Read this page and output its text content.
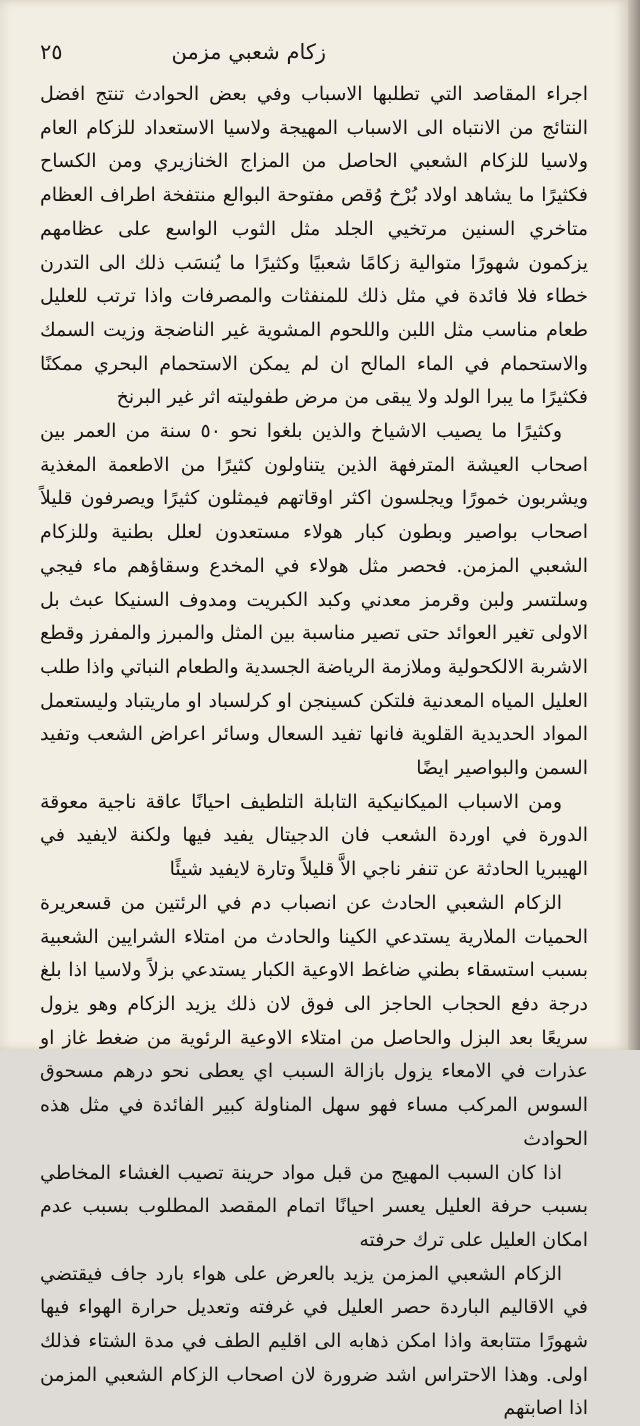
زكام شعبي مزمن
٢٥

اجراء المقاصد التي تطلبها الاسباب وفي بعض الحوادث تنتج افضل النتائج من الانتباه الى الاسباب المهيجة ولاسيا الاستعداد للزكام العام ولاسيا للزكام الشعبي الحاصل من المزاج الخنازيري ومن الكساح فكثيرًا ما يشاهد اولاد بُرْخ وُقص مفتوحة البوالع منتفخة اطراف العظام متاخري السنين مرتخيي الجلد مثل الثوب الواسع على عظامهم يزكمون شهورًا متوالية زكامًا شعبيًا وكثيرًا ما يُنسَب ذلك الى التدرن خطاء فلا فائدة في مثل ذلك للمنفثات والمصرفات واذا ترتب للعليل طعام مناسب مثل اللبن واللحوم المشوية غير الناضجة وزيت السمك والاستحمام في الماء المالح ان لم يمكن الاستحمام البحري ممكنًا فكثيرًا ما يبرا الولد ولا يبقى من مرض طفوليته اثر غير البرنخ

وكثيرًا ما يصيب الاشياخ والذين بلغوا نحو ٥٠ سنة من العمر بين اصحاب العيشة المترفهة الذين يتناولون كثيرًا من الاطعمة المغذية ويشربون خمورًا ويجلسون اكثر اوقاتهم فيمثلون كثيرًا ويصرفون قليلاً اصحاب بواصير وبطون كبار هولاء مستعدون لعلل بطنية وللزكام الشعبي المزمن. فحصر مثل هولاء في المخدع وسقاؤهم ماء فيجي وسلتسر ولبن وقرمز معدني وكبد الكبريت ومدوف السنيكا عبث بل الاولى تغير العوائد حتى تصير مناسبة بين المثل والمبرز والمفرز وقطع الاشربة الالكحولية وملازمة الرياضة الجسدية والطعام النباتي واذا طلب العليل المياه المعدنية فلتكن كسينجن او كرلسباد او ماريتباد وليستعمل المواد الحديدية القلوية فانها تفيد السعال وسائر اعراض الشعب وتفيد السمن والبواصير ايضًا

ومن الاسباب الميكانيكية التابلة التلطيف احيانًا عاقة ناجية معوقة الدورة في اوردة الشعب فان الدجيتال يفيد فيها ولكنة لايفيد في الهيبريا الحادثة عن تنفر ناجي الاَّ قليلاً وتارة لايفيد شيئًا

الزكام الشعبي الحادث عن انصباب دم في الرئتين من قسعريرة الحميات الملارية يستدعي الكينا والحادث من امتلاء الشرايين الشعبية بسبب استسقاء بطني ضاغط الاوعية الكبار يستدعي بزلاً ولاسيا اذا بلغ درجة دفع الحجاب الحاجز الى فوق لان ذلك يزيد الزكام وهو يزول سريعًا بعد البزل والحاصل من امتلاء الاوعية الرئوية من ضغط غاز او عذرات في الامعاء يزول بازالة السبب اي يعطى نحو درهم مسحوق السوس المركب مساء فهو سهل المناولة كبير الفائدة في مثل هذه الحوادث

اذا كان السبب المهيج من قبل مواد حرينة تصيب الغشاء المخاطي بسبب حرفة العليل يعسر احيانًا اتمام المقصد المطلوب بسبب عدم امكان العليل على ترك حرفته

الزكام الشعبي المزمن يزيد بالعرض على هواء بارد جاف فيقتضي في الاقاليم الباردة حصر العليل في غرفته وتعديل حرارة الهواء فيها شهورًا متتابعة واذا امكن ذهابه الى اقليم الطف في مدة الشتاء فذلك اولى. وهذا الاحتراس اشد ضرورة لان اصحاب الزكام الشعبي المزمن اذا اصابتهم
